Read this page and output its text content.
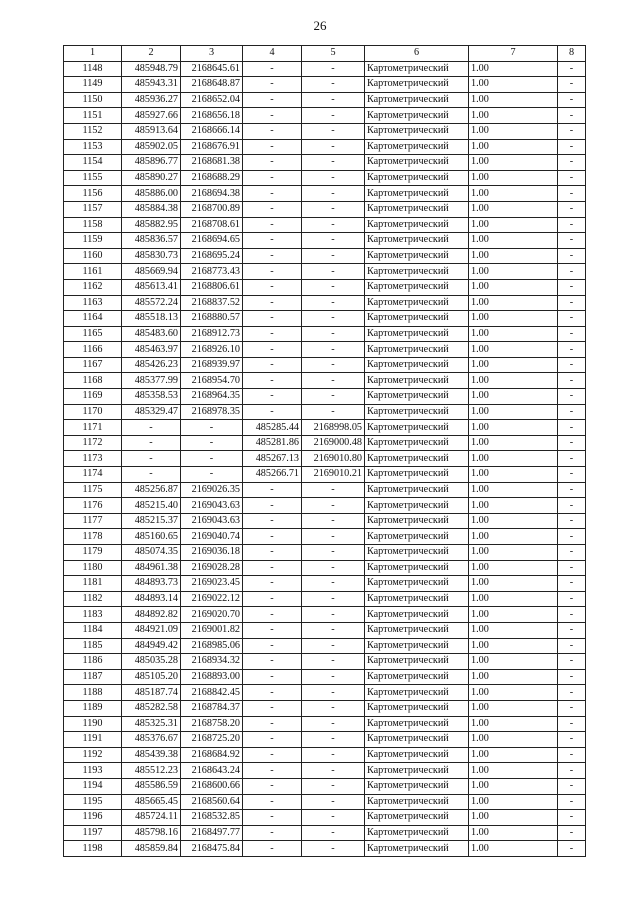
26
1	2	3	4	5	6	7	8
1148	485948.79	2168645.61	-	-	Картометрический	1.00	-
1149	485943.31	2168648.87	-	-	Картометрический	1.00	-
1150	485936.27	2168652.04	-	-	Картометрический	1.00	-
1151	485927.66	2168656.18	-	-	Картометрический	1.00	-
1152	485913.64	2168666.14	-	-	Картометрический	1.00	-
1153	485902.05	2168676.91	-	-	Картометрический	1.00	-
1154	485896.77	2168681.38	-	-	Картометрический	1.00	-
1155	485890.27	2168688.29	-	-	Картометрический	1.00	-
1156	485886.00	2168694.38	-	-	Картометрический	1.00	-
1157	485884.38	2168700.89	-	-	Картометрический	1.00	-
1158	485882.95	2168708.61	-	-	Картометрический	1.00	-
1159	485836.57	2168694.65	-	-	Картометрический	1.00	-
1160	485830.73	2168695.24	-	-	Картометрический	1.00	-
1161	485669.94	2168773.43	-	-	Картометрический	1.00	-
1162	485613.41	2168806.61	-	-	Картометрический	1.00	-
1163	485572.24	2168837.52	-	-	Картометрический	1.00	-
1164	485518.13	2168880.57	-	-	Картометрический	1.00	-
1165	485483.60	2168912.73	-	-	Картометрический	1.00	-
1166	485463.97	2168926.10	-	-	Картометрический	1.00	-
1167	485426.23	2168939.97	-	-	Картометрический	1.00	-
1168	485377.99	2168954.70	-	-	Картометрический	1.00	-
1169	485358.53	2168964.35	-	-	Картометрический	1.00	-
1170	485329.47	2168978.35	-	-	Картометрический	1.00	-
1171	-	-	485285.44	2168998.05	Картометрический	1.00	-
1172	-	-	485281.86	2169000.48	Картометрический	1.00	-
1173	-	-	485267.13	2169010.80	Картометрический	1.00	-
1174	-	-	485266.71	2169010.21	Картометрический	1.00	-
1175	485256.87	2169026.35	-	-	Картометрический	1.00	-
1176	485215.40	2169043.63	-	-	Картометрический	1.00	-
1177	485215.37	2169043.63	-	-	Картометрический	1.00	-
1178	485160.65	2169040.74	-	-	Картометрический	1.00	-
1179	485074.35	2169036.18	-	-	Картометрический	1.00	-
1180	484961.38	2169028.28	-	-	Картометрический	1.00	-
1181	484893.73	2169023.45	-	-	Картометрический	1.00	-
1182	484893.14	2169022.12	-	-	Картометрический	1.00	-
1183	484892.82	2169020.70	-	-	Картометрический	1.00	-
1184	484921.09	2169001.82	-	-	Картометрический	1.00	-
1185	484949.42	2168985.06	-	-	Картометрический	1.00	-
1186	485035.28	2168934.32	-	-	Картометрический	1.00	-
1187	485105.20	2168893.00	-	-	Картометрический	1.00	-
1188	485187.74	2168842.45	-	-	Картометрический	1.00	-
1189	485282.58	2168784.37	-	-	Картометрический	1.00	-
1190	485325.31	2168758.20	-	-	Картометрический	1.00	-
1191	485376.67	2168725.20	-	-	Картометрический	1.00	-
1192	485439.38	2168684.92	-	-	Картометрический	1.00	-
1193	485512.23	2168643.24	-	-	Картометрический	1.00	-
1194	485586.59	2168600.66	-	-	Картометрический	1.00	-
1195	485665.45	2168560.64	-	-	Картометрический	1.00	-
1196	485724.11	2168532.85	-	-	Картометрический	1.00	-
1197	485798.16	2168497.77	-	-	Картометрический	1.00	-
1198	485859.84	2168475.84	-	-	Картометрический	1.00	-
